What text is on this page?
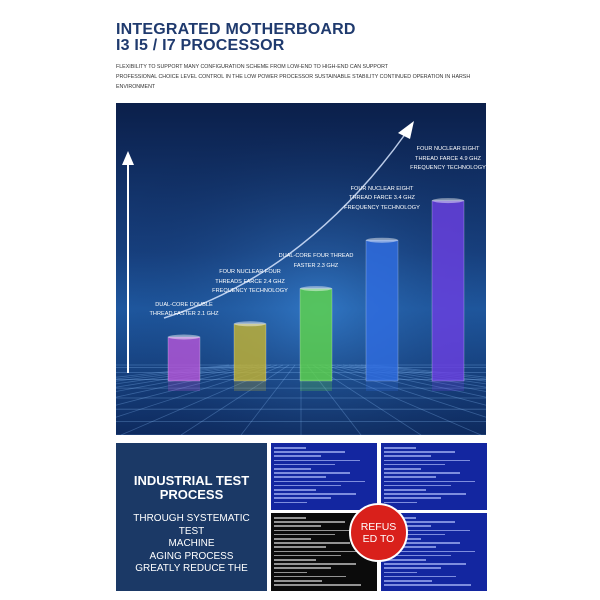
INTEGRATED MOTHERBOARD
I3 I5 / I7 PROCESSOR
FLEXIBILITY TO SUPPORT MANY CONFIGURATION SCHEME FROM LOW-END TO HIGH-END CAN SUPPORT
PROFESSIONAL CHOICE LEVEL CONTROL IN THE LOW POWER PROCESSOR SUSTAINABLE STABILITY CONTINUED OPERATION IN HARSH ENVIRONMENT
DUAL-CORE DOUBLE THREAD FASTER 2.1 GHZ
FOUR NUCLEAR FOUR THREADS FARCE 2.4 GHZ FREQUENCY TECHNOLOGY
DUAL-CORE FOUR THREAD FASTER 2.3 GHZ
FOUR NUCLEAR EIGHT THREAD FARCE 3.4 GHZ FREQUENCY TECHNOLOGY
FOUR NUCLEAR EIGHT THREAD FARCE 4.9 GHZ FREQUENCY TECHNOLOGY
INDUSTRIAL TEST
PROCESS
THROUGH SYSTEMATIC TEST
MACHINE
AGING PROCESS
GREATLY REDUCE THE
REFUS
ED TO
